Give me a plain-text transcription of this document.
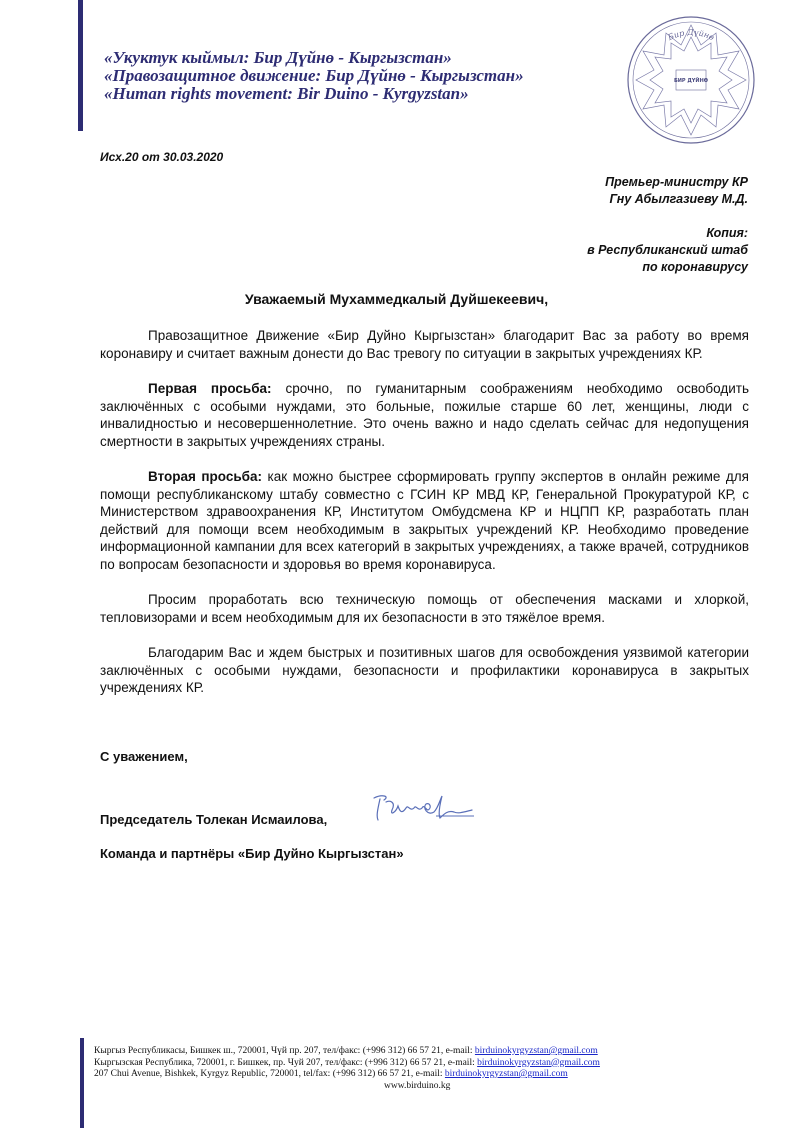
«Укуктук кыймыл: Бир Дүйнө - Кыргызстан»
«Правозащитное движение: Бир Дүйнө - Кыргызстан»
«Human rights movement: Bir Duino - Kyrgyzstan»
Бир Дүйнө
БИР ДҮЙНӨ
Исх.20 от 30.03.2020
Премьер-министру КР
Гну Абылгазиеву М.Д.
Копия:
в Республиканский штаб
по коронавирусу
Уважаемый Мухаммедкалый Дуйшекеевич,

Правозащитное Движение «Бир Дуйно Кыргызстан» благодарит Вас за работу во время коронавиру и считает важным донести до Вас тревогу по ситуации в закрытых учреждениях КР.

Первая просьба: срочно, по гуманитарным соображениям необходимо освободить заключённых с особыми нуждами, это больные, пожилые старше 60 лет, женщины, люди с инвалидностью и несовершеннолетние. Это очень важно и надо сделать сейчас для недопущения смертности в закрытых учреждениях страны.

Вторая просьба: как можно быстрее сформировать группу экспертов в онлайн режиме для помощи республиканскому штабу совместно с ГСИН КР МВД КР, Генеральной Прокуратурой КР, с Министерством здравоохранения КР, Институтом Омбудсмена КР и НЦПП КР, разработать план действий для помощи всем необходимым в закрытых учреждений КР. Необходимо проведение информационной кампании для всех категорий в закрытых учреждениях, а также врачей, сотрудников по вопросам безопасности и здоровья во время коронавируса.

Просим проработать всю техническую помощь от обеспечения масками и хлоркой, тепловизорами и всем необходимым для их безопасности в это тяжёлое время.

Благодарим Вас и ждем быстрых и позитивных шагов для освобождения уязвимой категории заключённых с особыми нуждами, безопасности и профилактики коронавируса в закрытых учреждениях КР.

С уважением,
Председатель Толекан Исмаилова,
Команда и партнёры «Бир Дуйно Кыргызстан»
Кыргыз Республикасы, Бишкек ш., 720001, Чүй пр. 207, тел/факс: (+996 312) 66 57 21, e-mail: birduinokyrgyzstan@gmail.com
Кыргызская Республика, 720001, г. Бишкек, пр. Чуй 207, тел/факс: (+996 312) 66 57 21, e-mail: birduinokyrgyzstan@gmail.com
207 Chui Avenue, Bishkek, Kyrgyz Republic, 720001, tel/fax: (+996 312) 66 57 21, e-mail: birduinokyrgyzstan@gmail.com
www.birduino.kg
